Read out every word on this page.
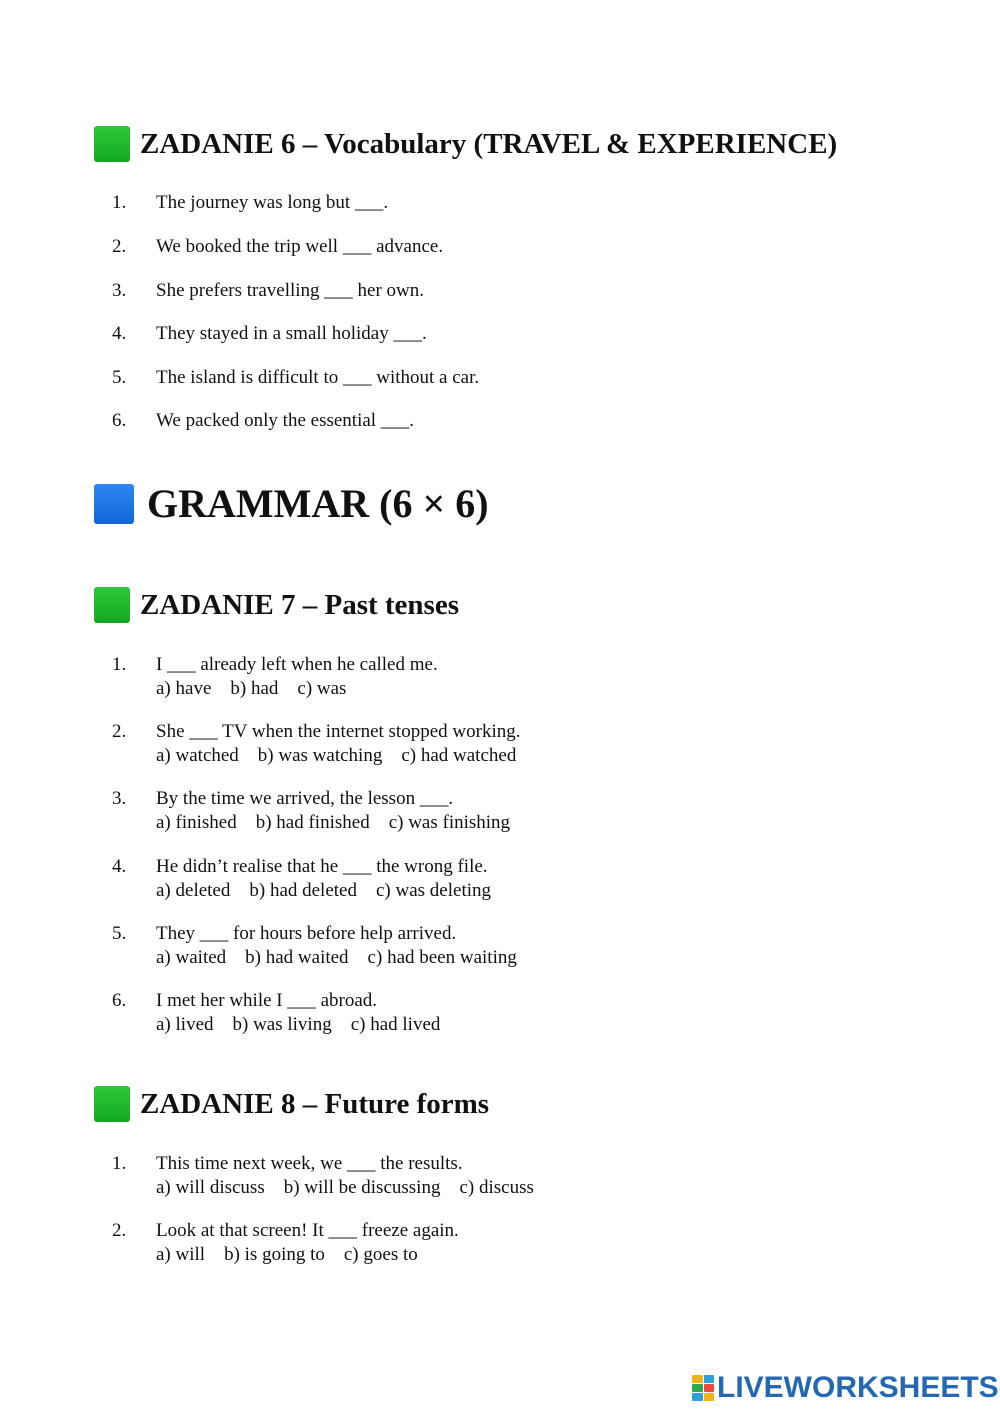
ZADANIE 6 – Vocabulary (TRAVEL & EXPERIENCE)
1.	The journey was long but ___.
2.	We booked the trip well ___ advance.
3.	She prefers travelling ___ her own.
4.	They stayed in a small holiday ___.
5.	The island is difficult to ___ without a car.
6.	We packed only the essential ___.
GRAMMAR (6 × 6)
ZADANIE 7 – Past tenses
1.	I ___ already left when he called me.
a) have    b) had    c) was
2.	She ___ TV when the internet stopped working.
a) watched    b) was watching    c) had watched
3.	By the time we arrived, the lesson ___.
a) finished    b) had finished    c) was finishing
4.	He didn’t realise that he ___ the wrong file.
a) deleted    b) had deleted    c) was deleting
5.	They ___ for hours before help arrived.
a) waited    b) had waited    c) had been waiting
6.	I met her while I ___ abroad.
a) lived    b) was living    c) had lived
ZADANIE 8 – Future forms
1.	This time next week, we ___ the results.
a) will discuss    b) will be discussing    c) discuss
2.	Look at that screen! It ___ freeze again.
a) will    b) is going to    c) goes to
LIVEWORKSHEETS
